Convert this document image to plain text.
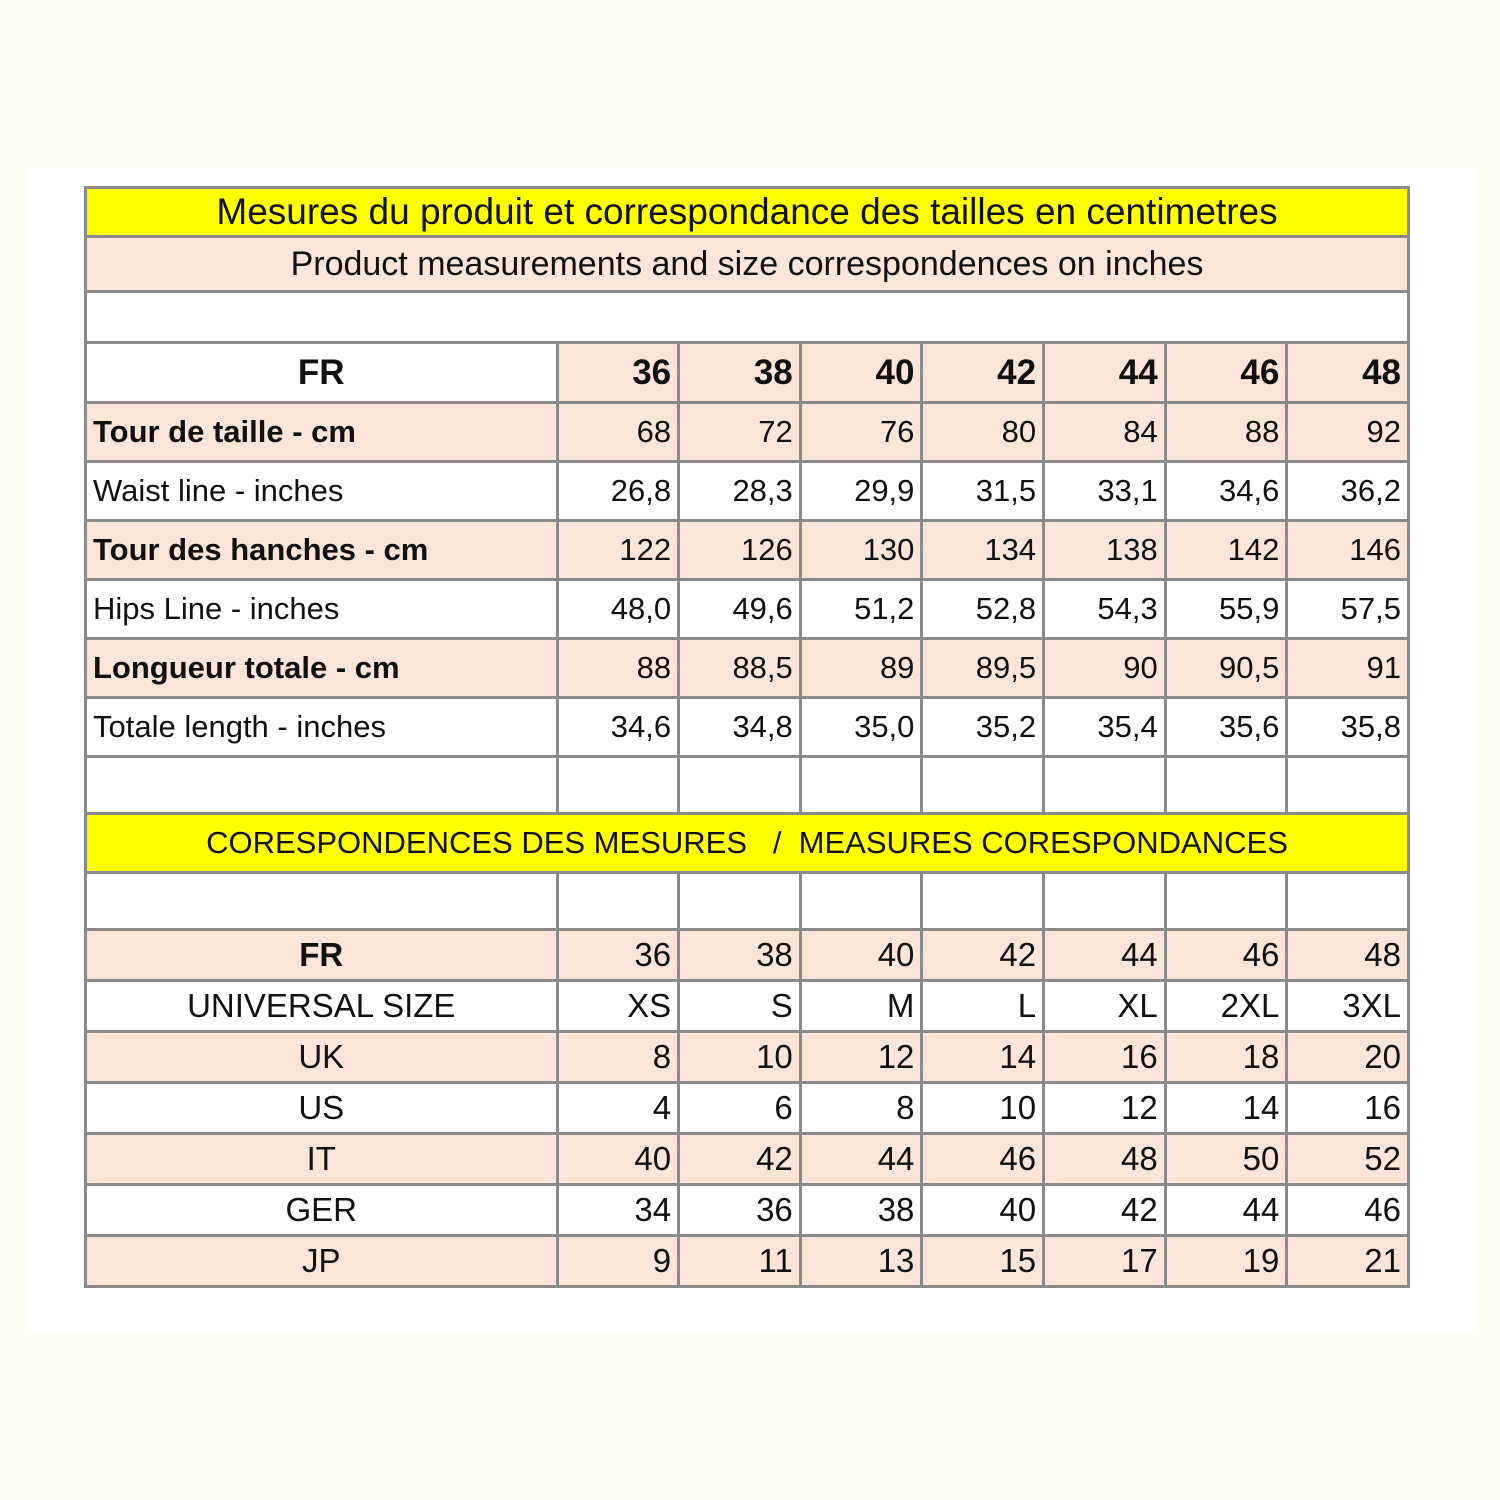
Mesures du produit et correspondance des tailles en centimetres							
Product measurements and size correspondences on inches							

FR	36	38	40	42	44	46	48
Tour de taille - cm	68	72	76	80	84	88	92
Waist line - inches	26,8	28,3	29,9	31,5	33,1	34,6	36,2
Tour des hanches - cm	122	126	130	134	138	142	146
Hips Line - inches	48,0	49,6	51,2	52,8	54,3	55,9	57,5
Longueur totale - cm	88	88,5	89	89,5	90	90,5	91
Totale length - inches	34,6	34,8	35,0	35,2	35,4	35,6	35,8

CORESPONDENCES DES MESURES   /  MEASURES CORESPONDANCES							

FR	36	38	40	42	44	46	48
UNIVERSAL SIZE	XS	S	M	L	XL	2XL	3XL
UK	8	10	12	14	16	18	20
US	4	6	8	10	12	14	16
IT	40	42	44	46	48	50	52
GER	34	36	38	40	42	44	46
JP	9	11	13	15	17	19	21
